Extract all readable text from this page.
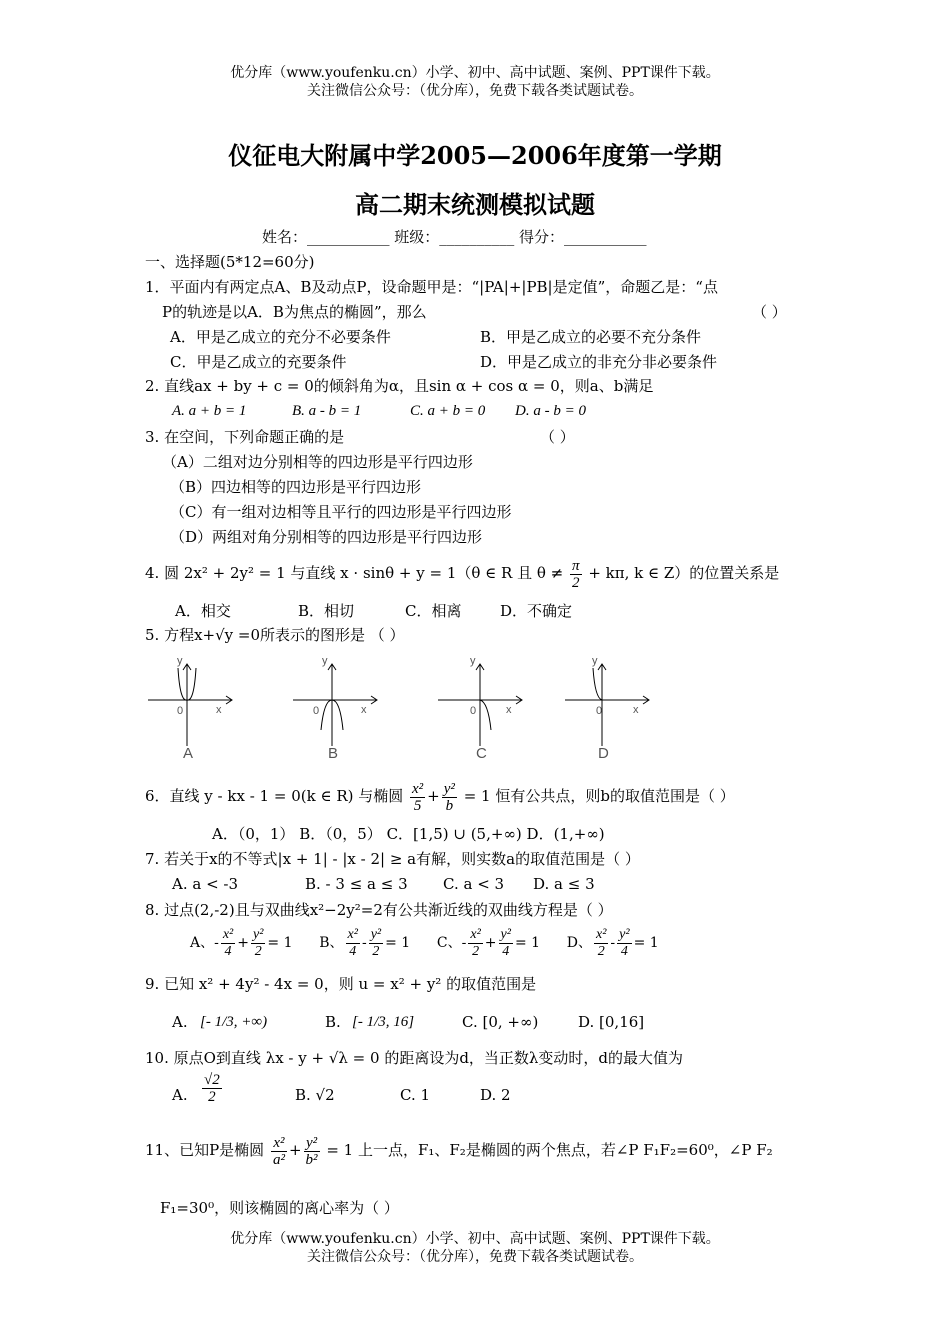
优分库（www.youfenku.cn）小学、初中、高中试题、案例、PPT课件下载。
关注微信公众号：（优分库），免费下载各类试题试卷。
仪征电大附属中学2005—2006年度第一学期
高二期末统测模拟试题
姓名：___________ 班级：__________ 得分：___________
一、选择题(5*12=60分)
1．平面内有两定点A、B及动点P，设命题甲是：“|PA|+|PB|是定值”，命题乙是：“点
P的轨迹是以A．B为焦点的椭圆”，那么	（ ）
A．甲是乙成立的充分不必要条件	B．甲是乙成立的必要不充分条件
C．甲是乙成立的充要条件	D．甲是乙成立的非充分非必要条件
2. 直线ax + by + c = 0的倾斜角为α，且sin α + cos α = 0，则a、b满足
A. a + b = 1	B. a - b = 1	C. a + b = 0 D. a - b = 0
3. 在空间，下列命题正确的是	（ ）
（A）二组对边分别相等的四边形是平行四边形
（B）四边相等的四边形是平行四边形
（C）有一组对边相等且平行的四边形是平行四边形
（D）两组对角分别相等的四边形是平行四边形
4. 圆 2x² + 2y² = 1 与直线 x · sinθ + y = 1（θ ∈ R 且 $\theta \ne \frac{\pi}{2} + k\pi$, k ∈ Z）的位置关系是
A．相交	B．相切	C．相离	D．不确定
5. 方程x+√y =0所表示的图形是 （ ）
y
x
0
y
x
0
y
x
0
y
x
0
A	B	C	D
6．直线 y - kx - 1 = 0(k ∈ R) 与椭圆 $\frac{\text{x²}}{5} + \frac{\text{y²}}{b} = 1$ 恒有公共点，则b的取值范围是（ ）
A．（0，1） B．（0，5） C．[1,5) ∪ (5,+∞) D．(1,+∞)
7. 若关于x的不等式|x + 1| - |x - 2| ≥ a有解，则实数a的取值范围是（ ）
A. a < -3	B. - 3 ≤ a ≤ 3 C. a < 3 D. a ≤ 3
8. 过点(2,-2)且与双曲线x²−2y²=2有公共渐近线的双曲线方程是（ ）
A、- $\frac{\text{x²}}{4} + \frac{\text{y²}}{2} = 1$ B、 $\frac{\text{x²}}{4} - \frac{\text{y²}}{2} = 1$ C、- $\frac{\text{x²}}{2} + \frac{\text{y²}}{4} = 1$ D、 $\frac{\text{x²}}{2} - \frac{\text{y²}}{4} = 1$
9. 已知 x² + 4y² - 4x = 0，则 u = x² + y² 的取值范围是
A. [- 1/3, +∞)	B. [- 1/3, 16]	C. [0, +∞)	D. [0,16]
10. 原点O到直线 λx - y + √λ = 0 的距离设为d，当正数λ变动时，d的最大值为
A. $\frac{√2}{2}$	B. √2	C. 1	D. 2
11、已知P是椭圆 $\frac{\text{x²}}{\text{a²}} + \frac{\text{y²}}{\text{b²}} = 1$ 上一点，F₁、F₂是椭圆的两个焦点，若∠P F₁F₂=60⁰，∠P F₂
F₁=30⁰，则该椭圆的离心率为（ ）
优分库（www.youfenku.cn）小学、初中、高中试题、案例、PPT课件下载。
关注微信公众号：（优分库），免费下载各类试题试卷。
